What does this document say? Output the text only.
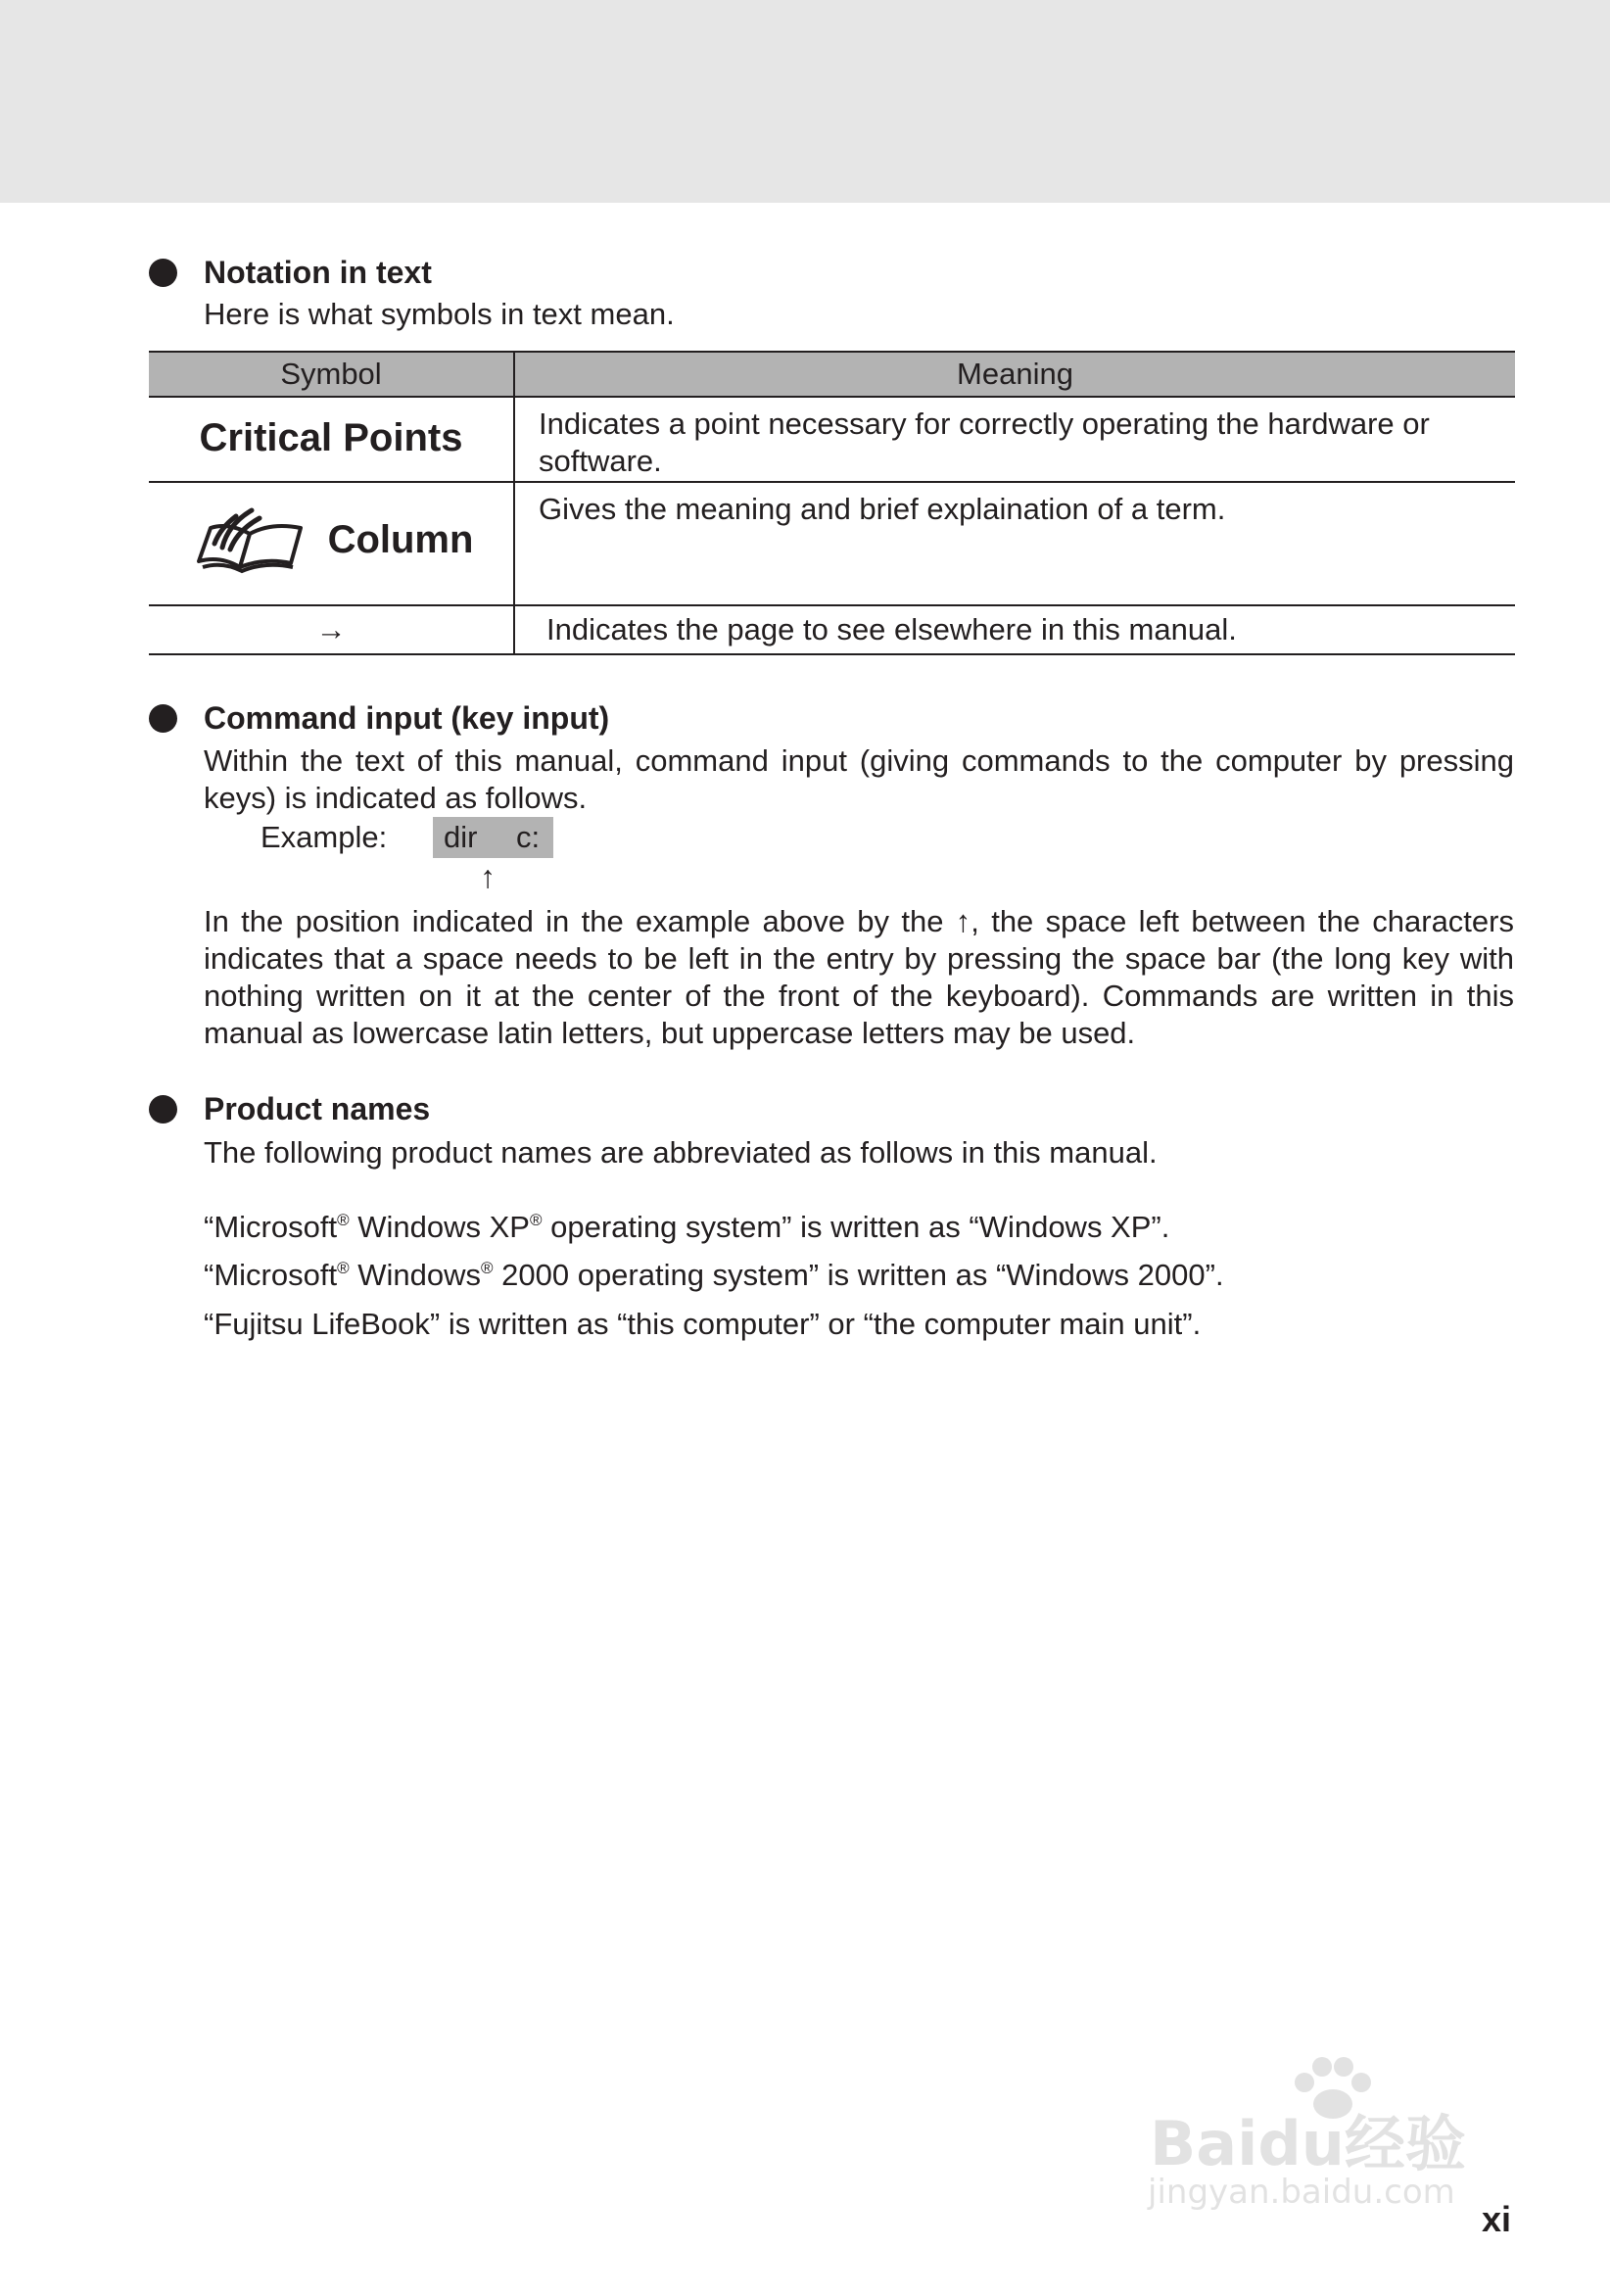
Notation in text
Here is what symbols in text mean.
Symbol	Meaning
Critical Points	Indicates a point necessary for correctly operating the hardware or software.

Column	Gives the meaning and brief explaination of a term.
→	Indicates the page to see elsewhere in this manual.
Command input (key input)
Within the text of this manual, command input (giving commands to the computer by pressing keys) is indicated as follows.
Example: dir c:
↑
In the position indicated in the example above by the ↑, the space left between the characters indicates that a space needs to be left in the entry by pressing the space bar (the long key with nothing written on it at the center of the front of the keyboard). Commands are written in this manual as lowercase latin letters, but uppercase letters may be used.
Product names
The following product names are abbreviated as follows in this manual.
“Microsoft® Windows XP® operating system” is written as “Windows XP”.
“Microsoft® Windows® 2000 operating system” is written as “Windows 2000”.
“Fujitsu LifeBook” is written as “this computer” or “the computer main unit”.
Baidu经验
jingyan.baidu.com
xi
